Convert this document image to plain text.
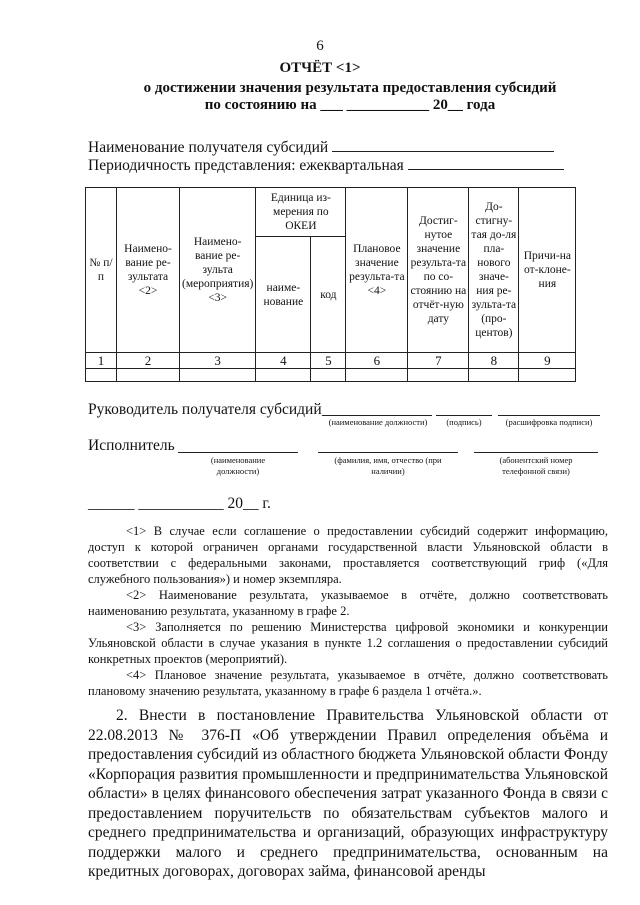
6
ОТЧЁТ <1>
о достижении значения результата предоставления субсидий
по состоянию на ___ ___________ 20__ года
Наименование получателя субсидий
Периодичность представления: ежеквартальная
№ п/п	Наимено-вание ре-зультата <2>	Наимено-вание ре-зульта (мероприятия) <3>	Единица из-мерения по ОКЕИ		Плановое значение результа-та <4>	Достиг-нутое значение результа-та по со-стоянию на отчёт-ную дату	До-стигну-тая до-ля пла-нового значе-ния ре-зульта-та (про-центов)	Причи-на от-клоне-ния
			наиме-нование	код				
1	2	3	4	5	6	7	8	9

Руководитель получателя субсидий
(наименование должности)	(подпись)	(расшифровка подписи)
Исполнитель
(наименование должности)
(фамилия, имя, отчество (при наличии)
(абонентский номер телефонной связи)
______ ___________ 20__ г.
<1> В случае если соглашение о предоставлении субсидий содержит информацию, доступ к которой ограничен органами государственной власти Ульяновской области в соответствии с федеральными законами, проставляется соответствующий гриф («Для служебного пользования») и номер экземпляра.
<2> Наименование результата, указываемое в отчёте, должно соответствовать наименованию результата, указанному в графе 2.
<3> Заполняется по решению Министерства цифровой экономики и конкуренции Ульяновской области в случае указания в пункте 1.2 соглашения о предоставлении субсидий конкретных проектов (мероприятий).
<4> Плановое значение результата, указываемое в отчёте, должно соответствовать плановому значению результата, указанному в графе 6 раздела 1 отчёта.».
2. Внести в постановление Правительства Ульяновской области от 22.08.2013 № 376-П «Об утверждении Правил определения объёма и предоставления субсидий из областного бюджета Ульяновской области Фонду «Корпорация развития промышленности и предпринимательства Ульяновской области» в целях финансового обеспечения затрат указанного Фонда в связи с предоставлением поручительств по обязательствам субъектов малого и среднего предпринимательства и организаций, образующих инфраструктуру поддержки малого и среднего предпринимательства, основанным на кредитных договорах, договорах займа, финансовой аренды
